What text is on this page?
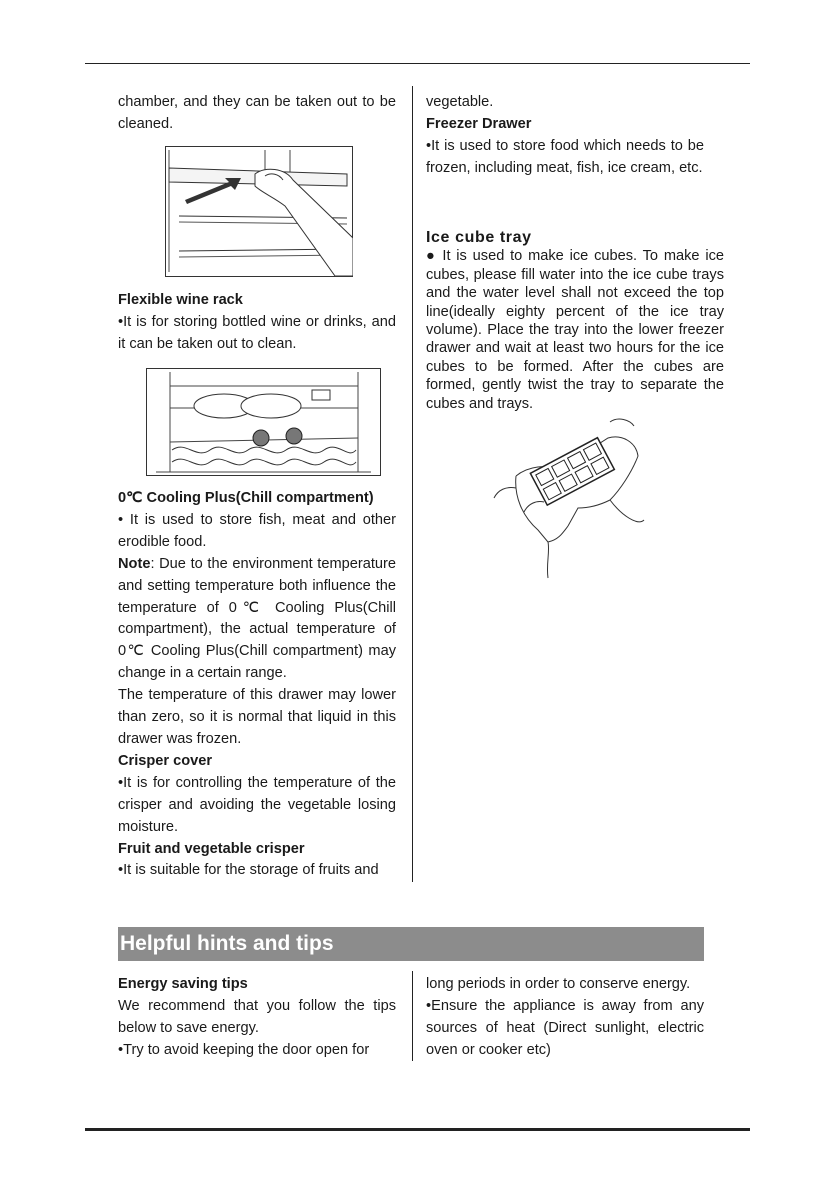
chamber, and they can be taken out to be cleaned.

Flexible wine rack

•It is for storing bottled wine or drinks, and it can be taken out to clean.

0℃ Cooling Plus(Chill compartment)

• It is used to store fish, meat and other erodible food.

Note: Due to the environment temperature and setting temperature both influence the temperature of 0℃ Cooling Plus(Chill compartment), the actual temperature of 0℃ Cooling Plus(Chill compartment) may change in a certain range.

The temperature of this drawer may lower than zero, so it is normal that liquid in this drawer was frozen.

Crisper cover

•It is for controlling the temperature of the crisper and avoiding the vegetable losing moisture.

Fruit and vegetable crisper

•It is suitable for the storage of fruits and

vegetable.

Freezer Drawer

•It is used to store food which needs to be frozen, including meat, fish, ice cream, etc.

Ice cube tray

● It is used to make ice cubes. To make ice cubes, please fill water into the ice cube trays and the water level shall not exceed the top line(ideally eighty percent of the ice tray volume). Place the tray into the lower freezer drawer and wait at least two hours for the ice cubes to be formed. After the cubes are formed, gently twist the tray to separate the cubes and trays.

Helpful hints and tips

Energy saving tips

We recommend that you follow the tips below to save energy.

•Try to avoid keeping the door open for

long periods in order to conserve energy.

•Ensure the appliance is away from any sources of heat (Direct sunlight, electric oven or cooker etc)
